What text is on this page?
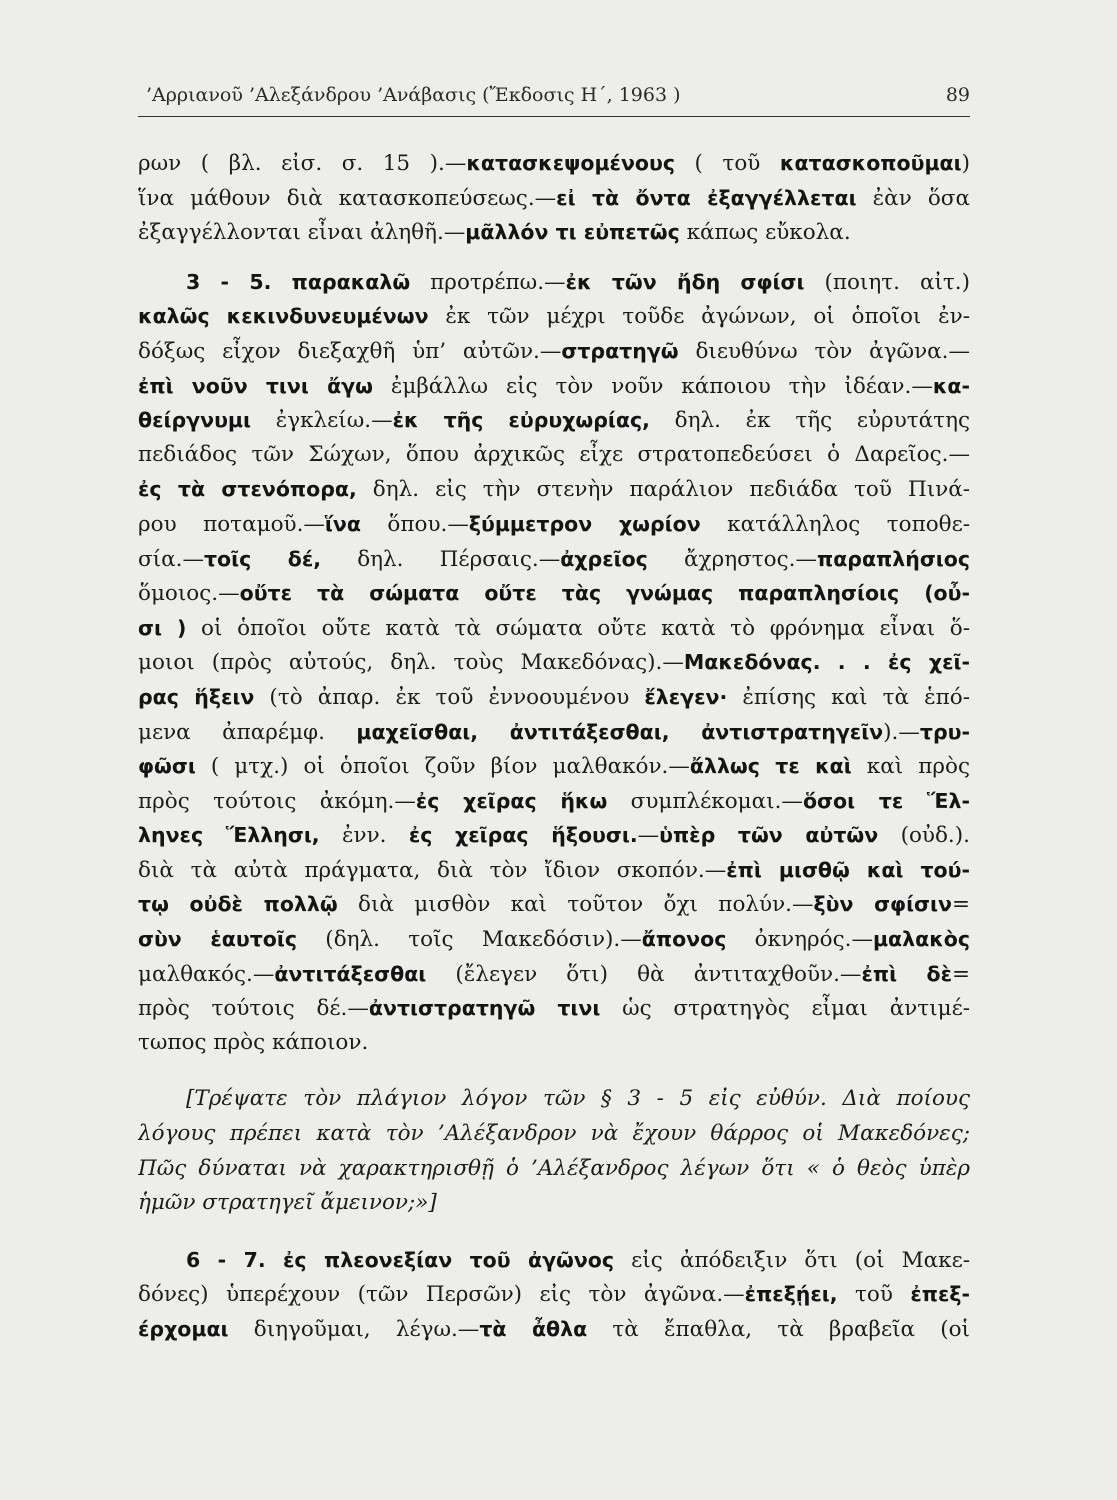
’Αρριανοῦ ’Αλεξάνδρου ’Ανάβασις (Ἔκδοσις Η΄, 1963 )	89
ρων ( βλ. εἰσ. σ. 15 ).—κατασκεψομένους ( τοῦ κατασκοποῦμαι)
ἵνα μάθουν διὰ κατασκοπεύσεως.—εἰ τὰ ὄντα ἐξαγγέλλεται ἐὰν ὅσα
ἐξαγγέλλονται εἶναι ἀληθῆ.—μᾶλλόν τι εὐπετῶς κάπως εὔκολα.
3 - 5. παρακαλῶ προτρέπω.—ἐκ τῶν ἤδη σφίσι (ποιητ. αἰτ.)
καλῶς κεκινδυνευμένων ἐκ τῶν μέχρι τοῦδε ἀγώνων, οἱ ὁποῖοι ἐν-
δόξως εἶχον διεξαχθῆ ὑπ’ αὐτῶν.—στρατηγῶ διευθύνω τὸν ἀγῶνα.—
ἐπὶ νοῦν τινι ἄγω ἐμβάλλω εἰς τὸν νοῦν κάποιου τὴν ἰδέαν.—κα-
θείργνυμι ἐγκλείω.—ἐκ τῆς εὐρυχωρίας, δηλ. ἐκ τῆς εὐρυτάτης
πεδιάδος τῶν Σώχων, ὅπου ἀρχικῶς εἶχε στρατοπεδεύσει ὁ Δαρεῖος.—
ἐς τὰ στενόπορα, δηλ. εἰς τὴν στενὴν παράλιον πεδιάδα τοῦ Πινά-
ρου ποταμοῦ.—ἵνα ὅπου.—ξύμμετρον χωρίον κατάλληλος τοποθε-
σία.—τοῖς δέ, δηλ. Πέρσαις.—ἀχρεῖος ἄχρηστος.—παραπλήσιος
ὅμοιος.—οὔτε τὰ σώματα οὔτε τὰς γνώμας παραπλησίοις (οὖ-
σι ) οἱ ὁποῖοι οὔτε κατὰ τὰ σώματα οὔτε κατὰ τὸ φρόνημα εἶναι ὅ-
μοιοι (πρὸς αὐτούς, δηλ. τοὺς Μακεδόνας).—Μακεδόνας. . . ἐς χεῖ-
ρας ἥξειν (τὸ ἀπαρ. ἐκ τοῦ ἐννοουμένου ἔλεγεν· ἐπίσης καὶ τὰ ἑπό-
μενα ἀπαρέμφ. μαχεῖσθαι, ἀντιτάξεσθαι, ἀντιστρατηγεῖν).—τρυ-
φῶσι ( μτχ.) οἱ ὁποῖοι ζοῦν βίον μαλθακόν.—ἄλλως τε καὶ καὶ πρὸς
πρὸς τούτοις ἀκόμη.—ἐς χεῖρας ἥκω συμπλέκομαι.—ὅσοι τε Ἕλ-
ληνες Ἕλλησι, ἐνν. ἐς χεῖρας ἥξουσι.—ὑπὲρ τῶν αὐτῶν (οὐδ.).
διὰ τὰ αὐτὰ πράγματα, διὰ τὸν ἴδιον σκοπόν.—ἐπὶ μισθῷ καὶ τού-
τῳ οὐδὲ πολλῷ διὰ μισθὸν καὶ τοῦτον ὄχι πολύν.—ξὺν σφίσιν=
σὺν ἑαυτοῖς (δηλ. τοῖς Μακεδόσιν).—ἄπονος ὀκνηρός.—μαλακὸς
μαλθακός.—ἀντιτάξεσθαι (ἔλεγεν ὅτι) θὰ ἀντιταχθοῦν.—ἐπὶ δὲ=
πρὸς τούτοις δέ.—ἀντιστρατηγῶ τινι ὡς στρατηγὸς εἶμαι ἀντιμέ-
τωπος πρὸς κάποιον.
[Τρέψατε τὸν πλάγιον λόγον τῶν § 3 - 5 εἰς εὐθύν. Διὰ ποίους
λόγους πρέπει κατὰ τὸν ’Αλέξανδρον νὰ ἔχουν θάρρος οἱ Μακεδόνες;
Πῶς δύναται νὰ χαρακτηρισθῇ ὁ ’Αλέξανδρος λέγων ὅτι « ὁ θεὸς ὑπὲρ
ἡμῶν στρατηγεῖ ἄμεινον;»]
6 - 7. ἐς πλεονεξίαν τοῦ ἀγῶνος εἰς ἀπόδειξιν ὅτι (οἱ Μακε-
δόνες) ὑπερέχουν (τῶν Περσῶν) εἰς τὸν ἀγῶνα.—ἐπεξῄει, τοῦ ἐπεξ-
έρχομαι διηγοῦμαι, λέγω.—τὰ ἆθλα τὰ ἔπαθλα, τὰ βραβεῖα (οἱ
